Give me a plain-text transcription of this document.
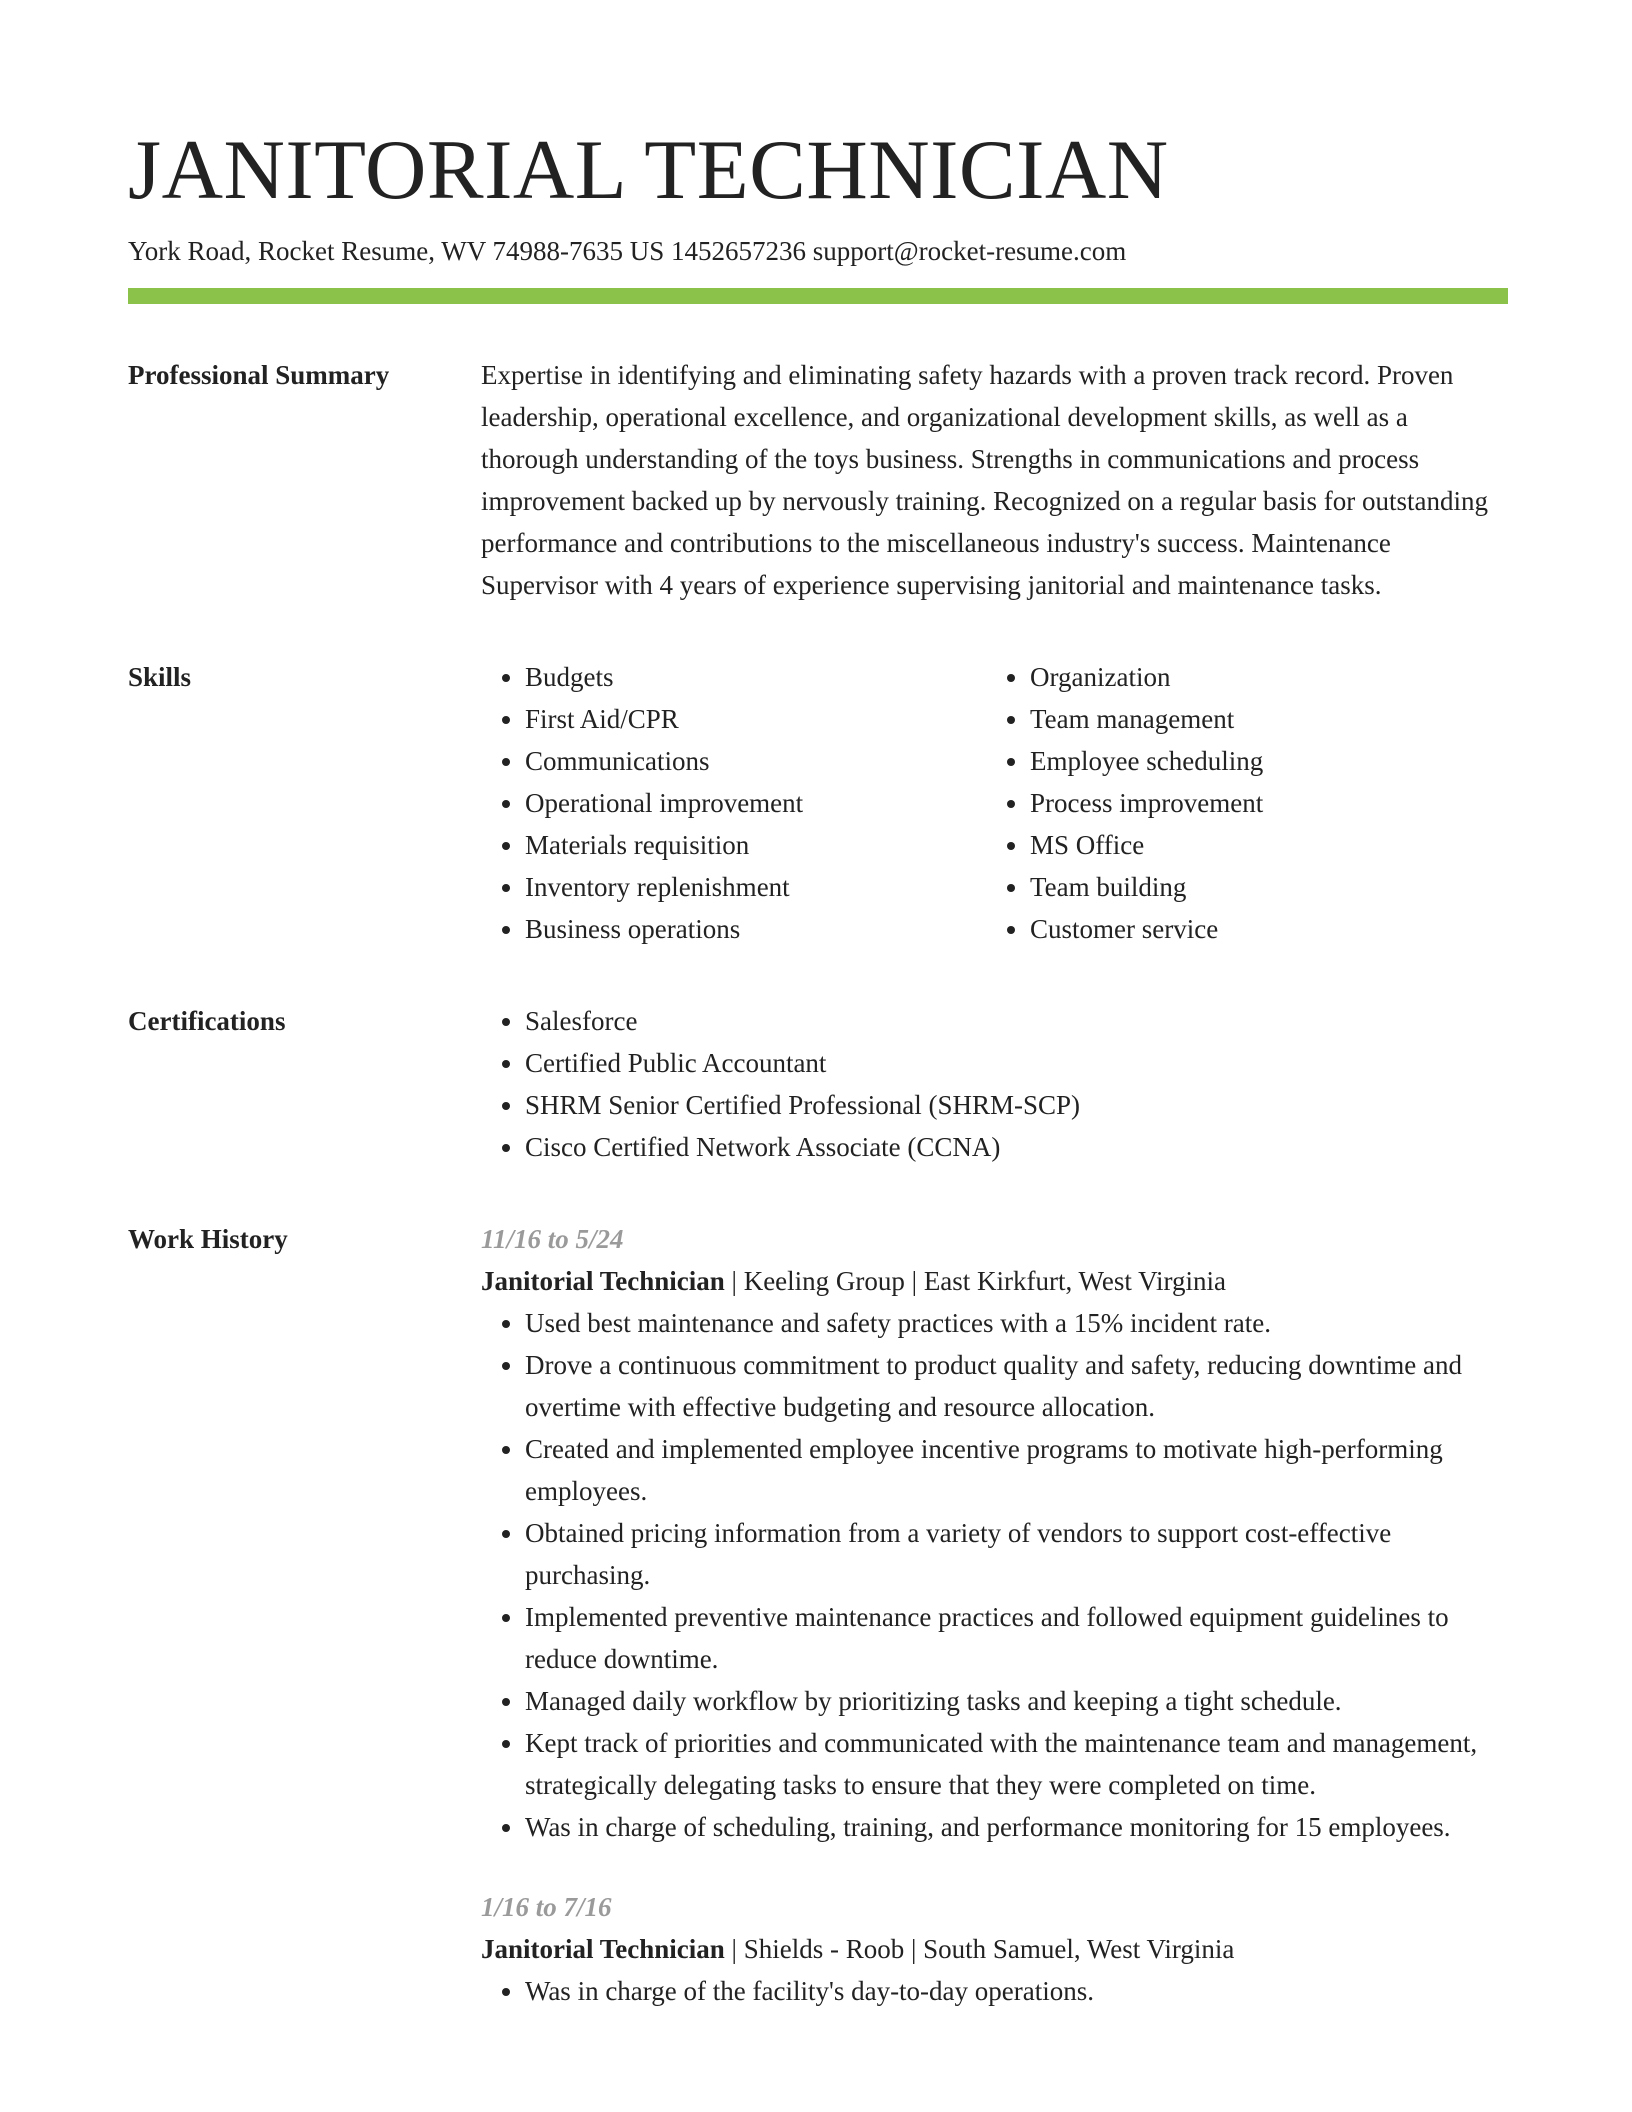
JANITORIAL TECHNICIAN
York Road, Rocket Resume, WV 74988-7635 US 1452657236 support@rocket-resume.com
Professional Summary	Expertise in identifying and eliminating safety hazards with a proven track record. Proven leadership, operational excellence, and organizational development skills, as well as a thorough understanding of the toys business. Strengths in communications and process improvement backed up by nervously training. Recognized on a regular basis for outstanding performance and contributions to the miscellaneous industry's success. Maintenance Supervisor with 4 years of experience supervising janitorial and maintenance tasks.

Skills	• Budgets
• First Aid/CPR
• Communications
• Operational improvement
• Materials requisition
• Inventory replenishment
• Business operations
• Organization
• Team management
• Employee scheduling
• Process improvement
• MS Office
• Team building
• Customer service
Certifications	• Salesforce
• Certified Public Accountant
• SHRM Senior Certified Professional (SHRM-SCP)
• Cisco Certified Network Associate (CCNA)
Work History	11/16 to 5/24
Janitorial Technician | Keeling Group | East Kirkfurt, West Virginia
• Used best maintenance and safety practices with a 15% incident rate.
• Drove a continuous commitment to product quality and safety, reducing downtime and overtime with effective budgeting and resource allocation.
• Created and implemented employee incentive programs to motivate high-performing employees.
• Obtained pricing information from a variety of vendors to support cost-effective purchasing.
• Implemented preventive maintenance practices and followed equipment guidelines to reduce downtime.
• Managed daily workflow by prioritizing tasks and keeping a tight schedule.
• Kept track of priorities and communicated with the maintenance team and management, strategically delegating tasks to ensure that they were completed on time.
• Was in charge of scheduling, training, and performance monitoring for 15 employees.
1/16 to 7/16
Janitorial Technician | Shields - Roob | South Samuel, West Virginia
• Was in charge of the facility's day-to-day operations.
